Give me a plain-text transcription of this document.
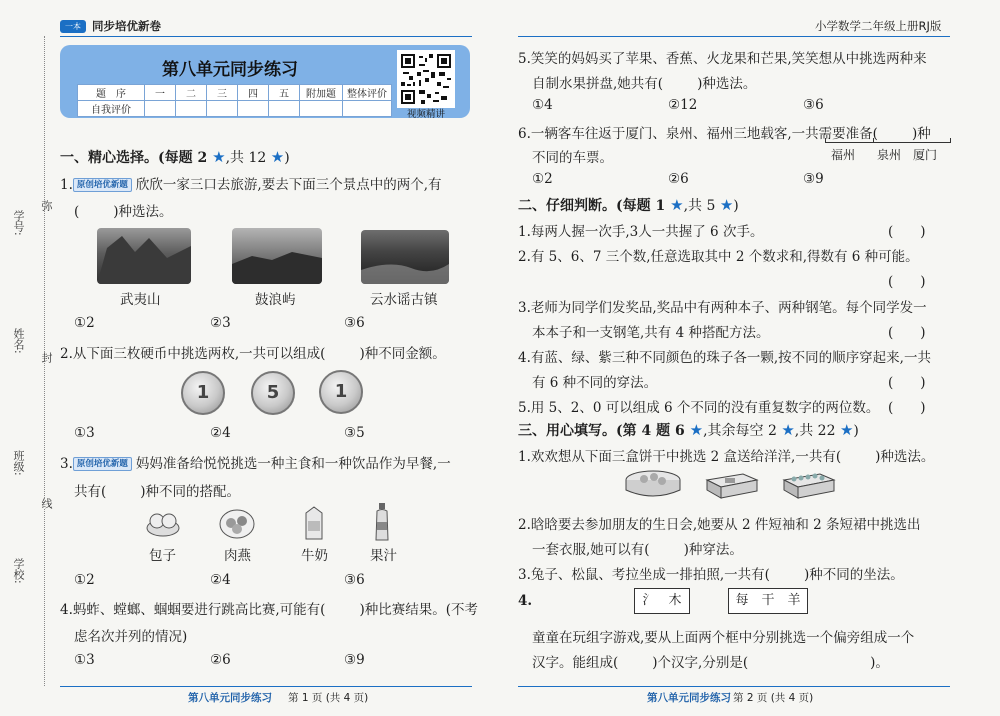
一本 同步培优新卷	小学数学二年级上册RJ版
学号:
姓名:
班级:
学校:
弥
封
线
第八单元同步练习
题　序	一	二	三	四	五	附加题	整体评价
自我评价								视频精讲
一、精心选择。(每题 2 ★,共 12 ★)
1. 原创培优新题 欣欣一家三口去旅游,要去下面三个景点中的两个,有
(	)种选法。
武夷山	鼓浪屿	云水谣古镇
①2	②3	③6
2.从下面三枚硬币中挑选两枚,一共可以组成(	)种不同金额。
1	5	1
①3	②4	③5
3. 原创培优新题 妈妈准备给悦悦挑选一种主食和一种饮品作为早餐,一
共有(	)种不同的搭配。
包子	肉燕	牛奶	果汁
①2	②4	③6
4.蚂蚱、螳螂、蝈蝈要进行跳高比赛,可能有(	)种比赛结果。(不考
虑名次并列的情况)
①3	②6	③9
第八单元同步练习 第 1 页 (共 4 页)
5.笑笑的妈妈买了苹果、香蕉、火龙果和芒果,笑笑想从中挑选两种来
自制水果拼盘,她共有(	)种选法。
①4	②12	③6
6.一辆客车往返于厦门、泉州、福州三地载客,一共需要准备(	)种
不同的车票。	福州 泉州 厦门
①2	②6	③9
二、仔细判断。(每题 1 ★,共 5 ★)
1.每两人握一次手,3人一共握了 6 次手。	(　　)
2.有 5、6、7 三个数,任意选取其中 2 个数求和,得数有 6 种可能。
(　　)
3.老师为同学们发奖品,奖品中有两种本子、两种钢笔。每个同学发一
本本子和一支钢笔,共有 4 种搭配方法。	(　　)
4.有蓝、绿、紫三种不同颜色的珠子各一颗,按不同的顺序穿起来,一共
有 6 种不同的穿法。	(　　)
5.用 5、2、0 可以组成 6 个不同的没有重复数字的两位数。 (　　)
三、用心填写。(第 4 题 6 ★,其余每空 2 ★,共 22 ★)
1.欢欢想从下面三盒饼干中挑选 2 盒送给洋洋,一共有(	)种选法。
2.晗晗要去参加朋友的生日会,她要从 2 件短袖和 2 条短裙中挑选出
一套衣服,她可以有(	)种穿法。
3.兔子、松鼠、考拉坐成一排拍照,一共有(	)种不同的坐法。
4.	氵　 木	每　 干　 羊
童童在玩组字游戏,要从上面两个框中分别挑选一个偏旁组成一个
汉字。能组成(	)个汉字,分别是(	)。
第八单元同步练习 第 2 页 (共 4 页)
